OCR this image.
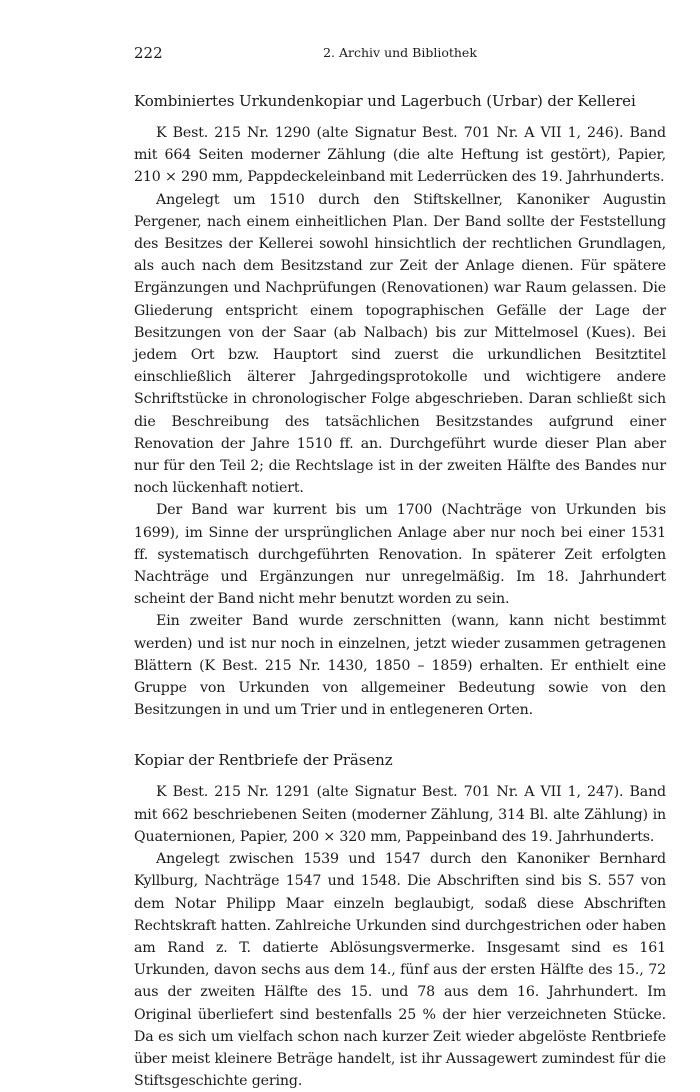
222	2. Archiv und Bibliothek
Kombiniertes Urkundenkopiar und Lagerbuch (Urbar) der Kellerei

K Best. 215 Nr. 1290 (alte Signatur Best. 701 Nr. A VII 1, 246). Band mit 664 Seiten moderner Zählung (die alte Heftung ist gestört), Papier, 210 × 290 mm, Pappdeckeleinband mit Lederrücken des 19. Jahrhunderts.

Angelegt um 1510 durch den Stiftskellner, Kanoniker Augustin Pergener, nach einem einheitlichen Plan. Der Band sollte der Feststellung des Besitzes der Kellerei sowohl hinsichtlich der rechtlichen Grundlagen, als auch nach dem Besitzstand zur Zeit der Anlage dienen. Für spätere Ergänzungen und Nachprüfungen (Renovationen) war Raum gelassen. Die Gliederung entspricht einem topographischen Gefälle der Lage der Besitzungen von der Saar (ab Nalbach) bis zur Mittelmosel (Kues). Bei jedem Ort bzw. Hauptort sind zuerst die urkundlichen Besitztitel einschließlich älterer Jahrgedingsprotokolle und wichtigere andere Schriftstücke in chronologischer Folge abgeschrieben. Daran schließt sich die Beschreibung des tatsächlichen Besitzstandes aufgrund einer Renovation der Jahre 1510 ff. an. Durchgeführt wurde dieser Plan aber nur für den Teil 2; die Rechtslage ist in der zweiten Hälfte des Bandes nur noch lückenhaft notiert.

Der Band war kurrent bis um 1700 (Nachträge von Urkunden bis 1699), im Sinne der ursprünglichen Anlage aber nur noch bei einer 1531 ff. systematisch durchgeführten Renovation. In späterer Zeit erfolgten Nachträge und Ergänzungen nur unregelmäßig. Im 18. Jahrhundert scheint der Band nicht mehr benutzt worden zu sein.

Ein zweiter Band wurde zerschnitten (wann, kann nicht bestimmt werden) und ist nur noch in einzelnen, jetzt wieder zusammen getragenen Blättern (K Best. 215 Nr. 1430, 1850 – 1859) erhalten. Er enthielt eine Gruppe von Urkunden von allgemeiner Bedeutung sowie von den Besitzungen in und um Trier und in entlegeneren Orten.

Kopiar der Rentbriefe der Präsenz

K Best. 215 Nr. 1291 (alte Signatur Best. 701 Nr. A VII 1, 247). Band mit 662 beschriebenen Seiten (moderner Zählung, 314 Bl. alte Zählung) in Quaternionen, Papier, 200 × 320 mm, Pappeinband des 19. Jahrhunderts.

Angelegt zwischen 1539 und 1547 durch den Kanoniker Bernhard Kyllburg, Nachträge 1547 und 1548. Die Abschriften sind bis S. 557 von dem Notar Philipp Maar einzeln beglaubigt, sodaß diese Abschriften Rechtskraft hatten. Zahlreiche Urkunden sind durchgestrichen oder haben am Rand z. T. datierte Ablösungsvermerke. Insgesamt sind es 161 Urkunden, davon sechs aus dem 14., fünf aus der ersten Hälfte des 15., 72 aus der zweiten Hälfte des 15. und 78 aus dem 16. Jahrhundert. Im Original überliefert sind bestenfalls 25 % der hier verzeichneten Stücke. Da es sich um vielfach schon nach kurzer Zeit wieder abgelöste Rentbriefe über meist kleinere Beträge handelt, ist ihr Aussagewert zumindest für die Stiftsgeschichte gering.
